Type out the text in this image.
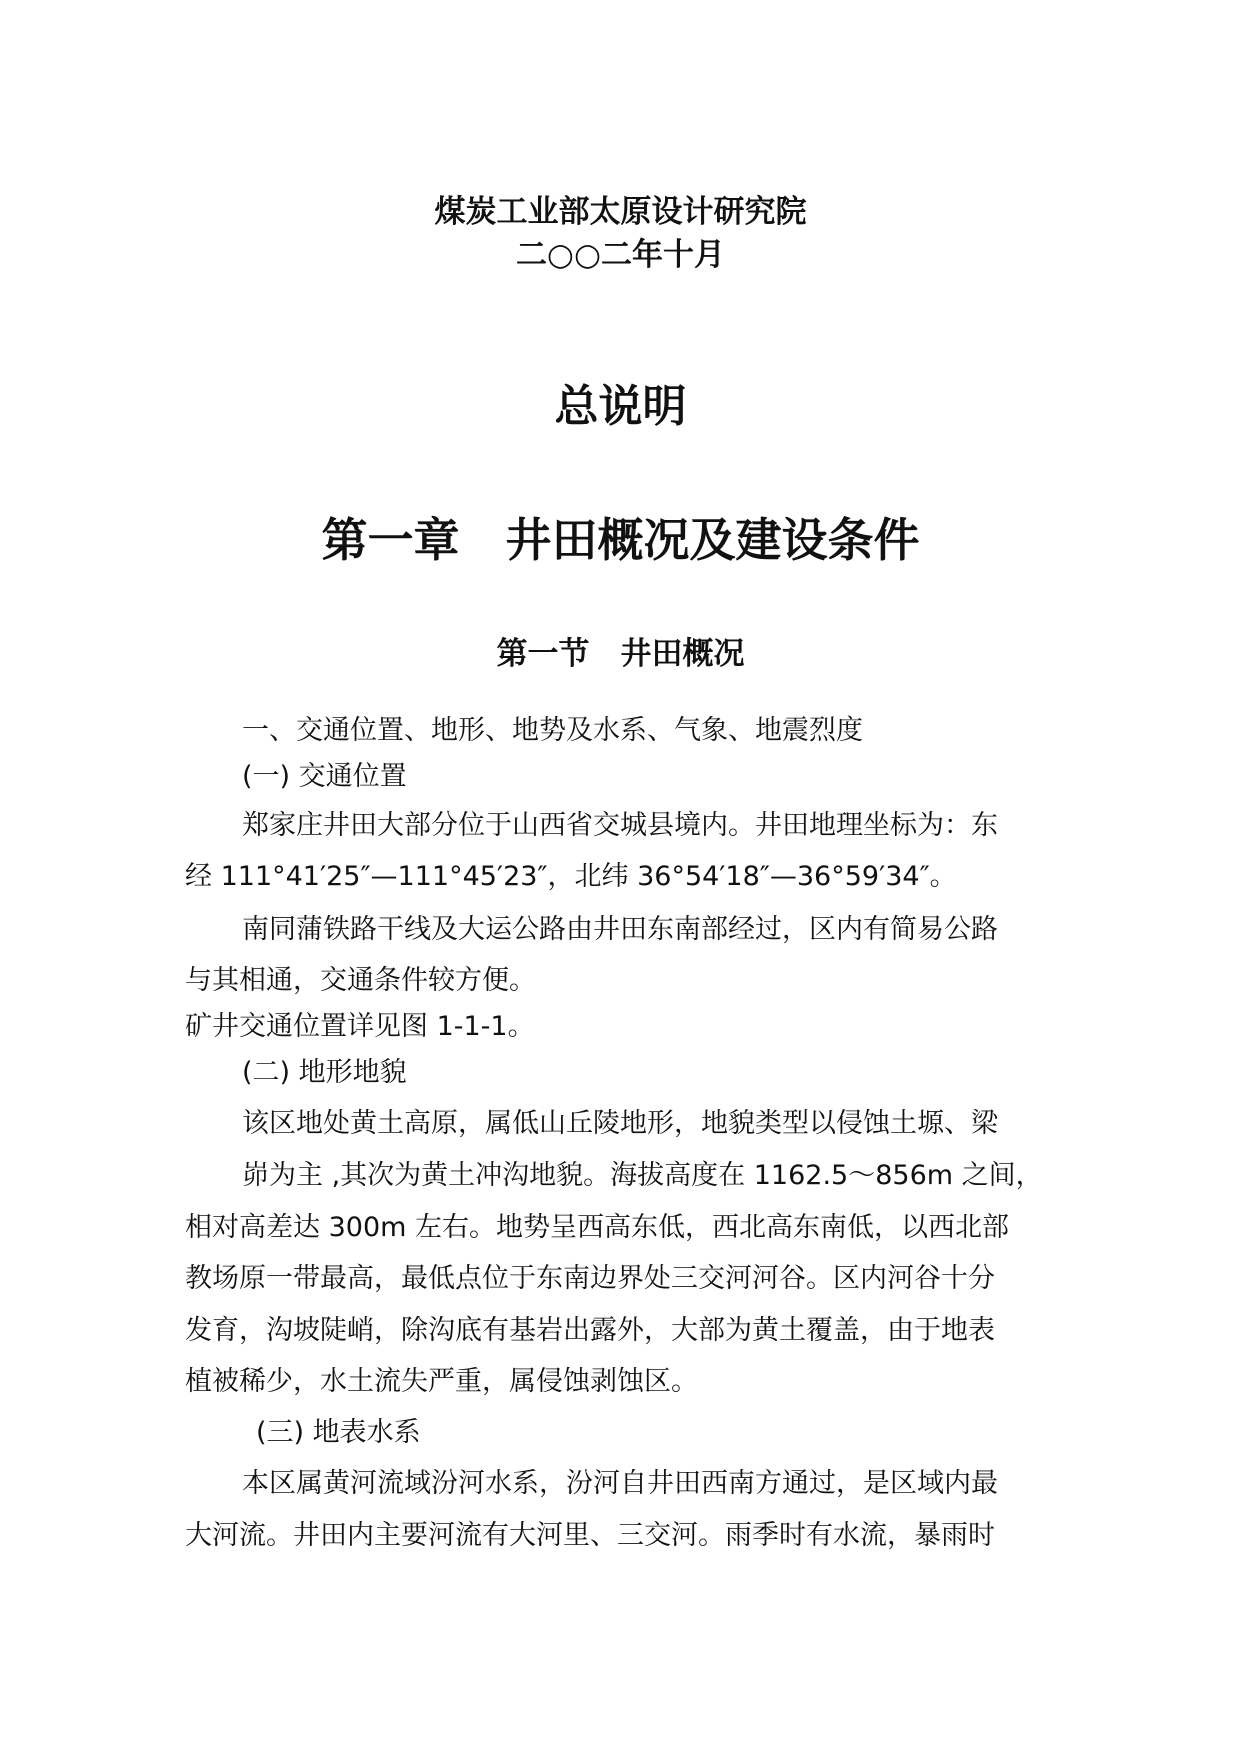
煤炭工业部太原设计研究院
二○○二年十月
总说明
第一章　井田概况及建设条件
第一节　井田概况
一、交通位置、地形、地势及水系、气象、地震烈度
(一) 交通位置
郑家庄井田大部分位于山西省交城县境内。井田地理坐标为：东
经 111°41′25″—111°45′23″，北纬 36°54′18″—36°59′34″。
南同蒲铁路干线及大运公路由井田东南部经过，区内有简易公路
与其相通，交通条件较方便。
矿井交通位置详见图 1-1-1。
(二) 地形地貌
该区地处黄土高原，属低山丘陵地形，地貌类型以侵蚀土塬、梁
峁为主 ,其次为黄土冲沟地貌。海拔高度在 1162.5～856m 之间，
相对高差达 300m 左右。地势呈西高东低，西北高东南低，以西北部
教场原一带最高，最低点位于东南边界处三交河河谷。区内河谷十分
发育，沟坡陡峭，除沟底有基岩出露外，大部为黄土覆盖，由于地表
植被稀少，水土流失严重，属侵蚀剥蚀区。
(三) 地表水系
本区属黄河流域汾河水系，汾河自井田西南方通过，是区域内最
大河流。井田内主要河流有大河里、三交河。雨季时有水流，暴雨时
